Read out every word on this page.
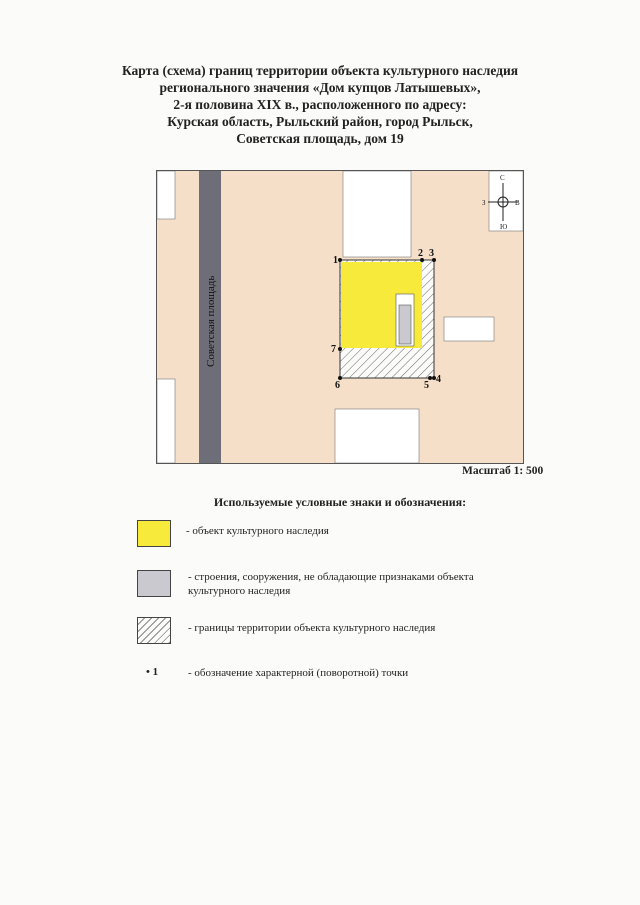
Карта (схема) границ территории объекта культурного наследия
регионального значения «Дом купцов Латышевых»,
2-я половина XIX в., расположенного по адресу:
Курская область, Рыльский район, город Рыльск,
Советская площадь, дом 19
Советская площадь
1
2 3
4
5
6
7
С
Ю
З	В
Масштаб 1: 500
Используемые условные знаки и обозначения:
- объект культурного наследия
- строения, сооружения, не обладающие признаками объекта культурного наследия
- границы территории объекта культурного наследия
• 1	- обозначение характерной (поворотной) точки
